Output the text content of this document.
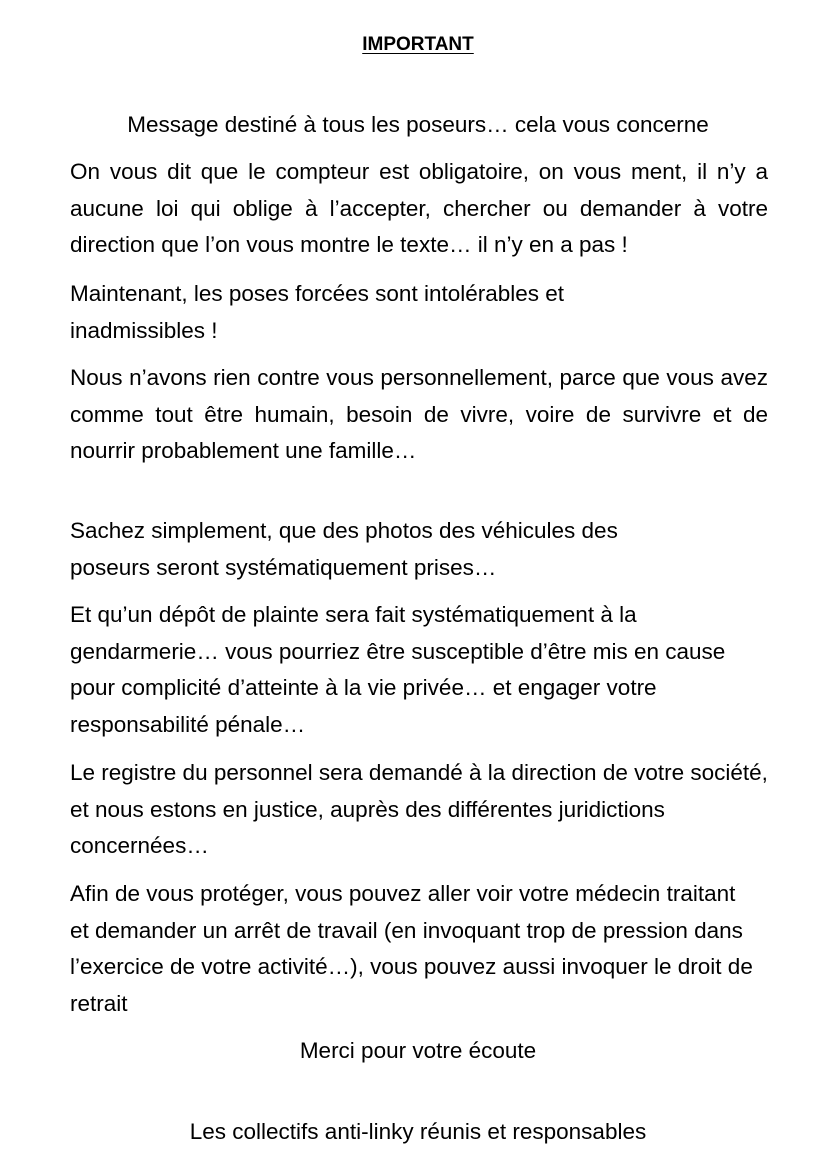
IMPORTANT

Message destiné à tous les poseurs… cela vous concerne

On vous dit que le compteur est obligatoire, on vous ment, il n’y a aucune loi qui oblige à l’accepter, chercher ou demander à votre direction que l’on vous montre le texte… il n’y en a pas !

Maintenant, les poses forcées sont intolérables et inadmissibles !

Nous n’avons rien contre vous personnellement, parce que vous avez comme tout être humain, besoin de vivre, voire de survivre et de nourrir probablement une famille…

Sachez simplement, que des photos des véhicules des poseurs seront systématiquement prises…

Et qu’un dépôt de plainte sera fait systématiquement à la gendarmerie… vous pourriez être susceptible d’être mis en cause pour complicité d’atteinte à la vie privée… et engager votre responsabilité pénale…

Le registre du personnel sera demandé à la direction de votre société, et nous estons en justice, auprès des différentes juridictions concernées…

Afin de vous protéger, vous pouvez aller voir votre médecin traitant et demander un arrêt de travail (en invoquant trop de pression dans l’exercice de votre activité…), vous pouvez aussi invoquer le droit de retrait

Merci pour votre écoute

Les collectifs anti-linky réunis et responsables
